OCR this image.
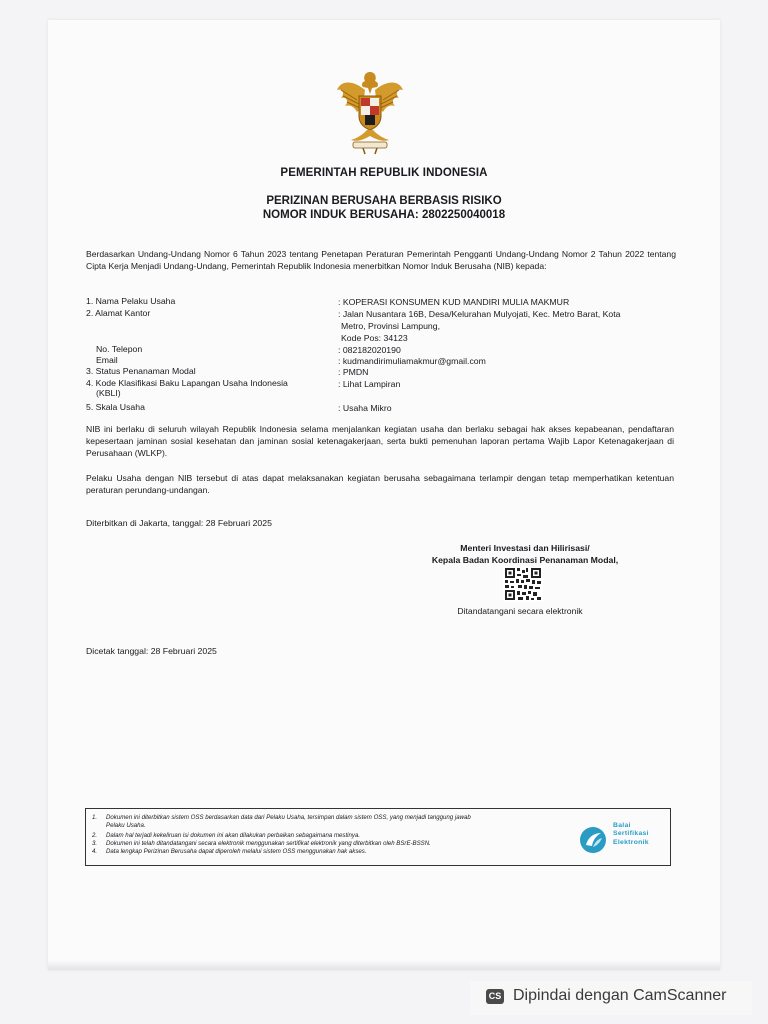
PEMERINTAH REPUBLIK INDONESIA
PERIZINAN BERUSAHA BERBASIS RISIKO
NOMOR INDUK BERUSAHA: 2802250040018
Berdasarkan Undang-Undang Nomor 6 Tahun 2023 tentang Penetapan Peraturan Pemerintah Pengganti Undang-Undang Nomor 2 Tahun 2022 tentang Cipta Kerja Menjadi Undang-Undang, Pemerintah Republik Indonesia menerbitkan Nomor Induk Berusaha (NIB) kepada:
1. Nama Pelaku Usaha	: KOPERASI KONSUMEN KUD MANDIRI MULIA MAKMUR
2. Alamat Kantor	: Jalan Nusantara 16B, Desa/Kelurahan Mulyojati, Kec. Metro Barat, Kota
Metro, Provinsi Lampung,
Kode Pos: 34123
No. Telepon	: 082182020190
Email	: kudmandirimuliamakmur@gmail.com
3. Status Penanaman Modal	: PMDN
4. Kode Klasifikasi Baku Lapangan Usaha Indonesia
(KBLI)
: Lihat Lampiran
5. Skala Usaha	: Usaha Mikro
NIB ini berlaku di seluruh wilayah Republik Indonesia selama menjalankan kegiatan usaha dan berlaku sebagai hak akses kepabeanan, pendaftaran kepesertaan jaminan sosial kesehatan dan jaminan sosial ketenagakerjaan, serta bukti pemenuhan laporan pertama Wajib Lapor Ketenagakerjaan di Perusahaan (WLKP).
Pelaku Usaha dengan NIB tersebut di atas dapat melaksanakan kegiatan berusaha sebagaimana terlampir dengan tetap memperhatikan ketentuan peraturan perundang-undangan.
Diterbitkan di Jakarta, tanggal: 28 Februari 2025
Menteri Investasi dan Hilirisasi/
Kepala Badan Koordinasi Penanaman Modal,
Ditandatangani secara elektronik
Dicetak tanggal: 28 Februari 2025
1. Dokumen ini diterbitkan sistem OSS berdasarkan data dari Pelaku Usaha, tersimpan dalam sistem OSS, yang menjadi tanggung jawab
Pelaku Usaha.
2. Dalam hal terjadi kekeliruan isi dokumen ini akan dilakukan perbaikan sebagaimana mestinya.
3. Dokumen ini telah ditandatangani secara elektronik menggunakan sertifikat elektronik yang diterbitkan oleh BSrE-BSSN.
4. Data lengkap Perizinan Berusaha dapat diperoleh melalui sistem OSS menggunakan hak akses.
Balai
Sertifikasi
Elektronik
CS Dipindai dengan CamScanner
